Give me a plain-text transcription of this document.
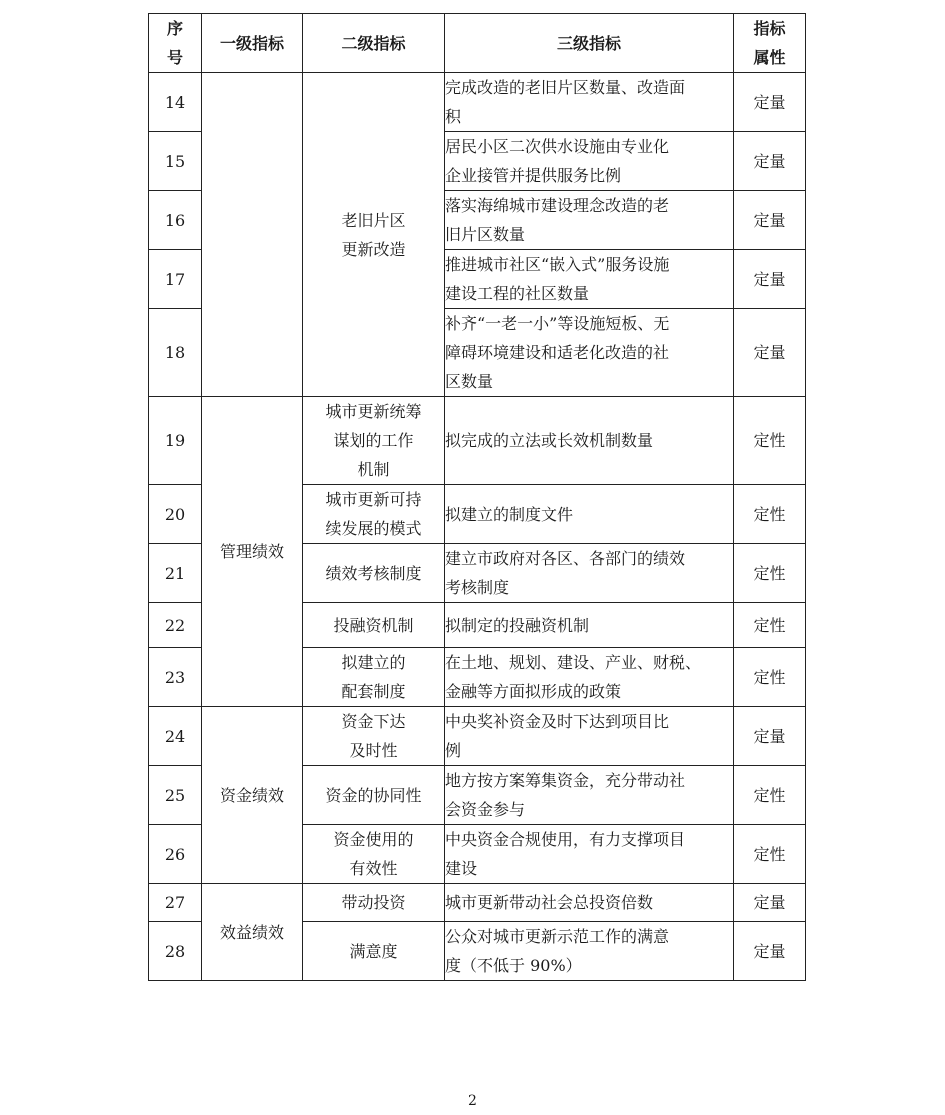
序
号	一级指标	二级指标	三级指标	指标
属性
14		老旧片区
更新改造	完成改造的老旧片区数量、改造面
积	定量
15			居民小区二次供水设施由专业化
企业接管并提供服务比例	定量
16			落实海绵城市建设理念改造的老
旧片区数量	定量
17			推进城市社区“嵌入式”服务设施
建设工程的社区数量	定量
18			补齐“一老一小”等设施短板、无
障碍环境建设和适老化改造的社
区数量	定量
19	管理绩效	城市更新统筹
谋划的工作
机制	拟完成的立法或长效机制数量	定性
20		城市更新可持
续发展的模式	拟建立的制度文件	定性
21		绩效考核制度	建立市政府对各区、各部门的绩效
考核制度	定性
22		投融资机制	拟制定的投融资机制	定性
23		拟建立的
配套制度	在土地、规划、建设、产业、财税、
金融等方面拟形成的政策	定性
24	资金绩效	资金下达
及时性	中央奖补资金及时下达到项目比
例	定量
25		资金的协同性	地方按方案筹集资金，充分带动社
会资金参与	定性
26		资金使用的
有效性	中央资金合规使用，有力支撑项目
建设	定性
27	效益绩效	带动投资	城市更新带动社会总投资倍数	定量
28		满意度	公众对城市更新示范工作的满意
度（不低于 90%）	定量
2
